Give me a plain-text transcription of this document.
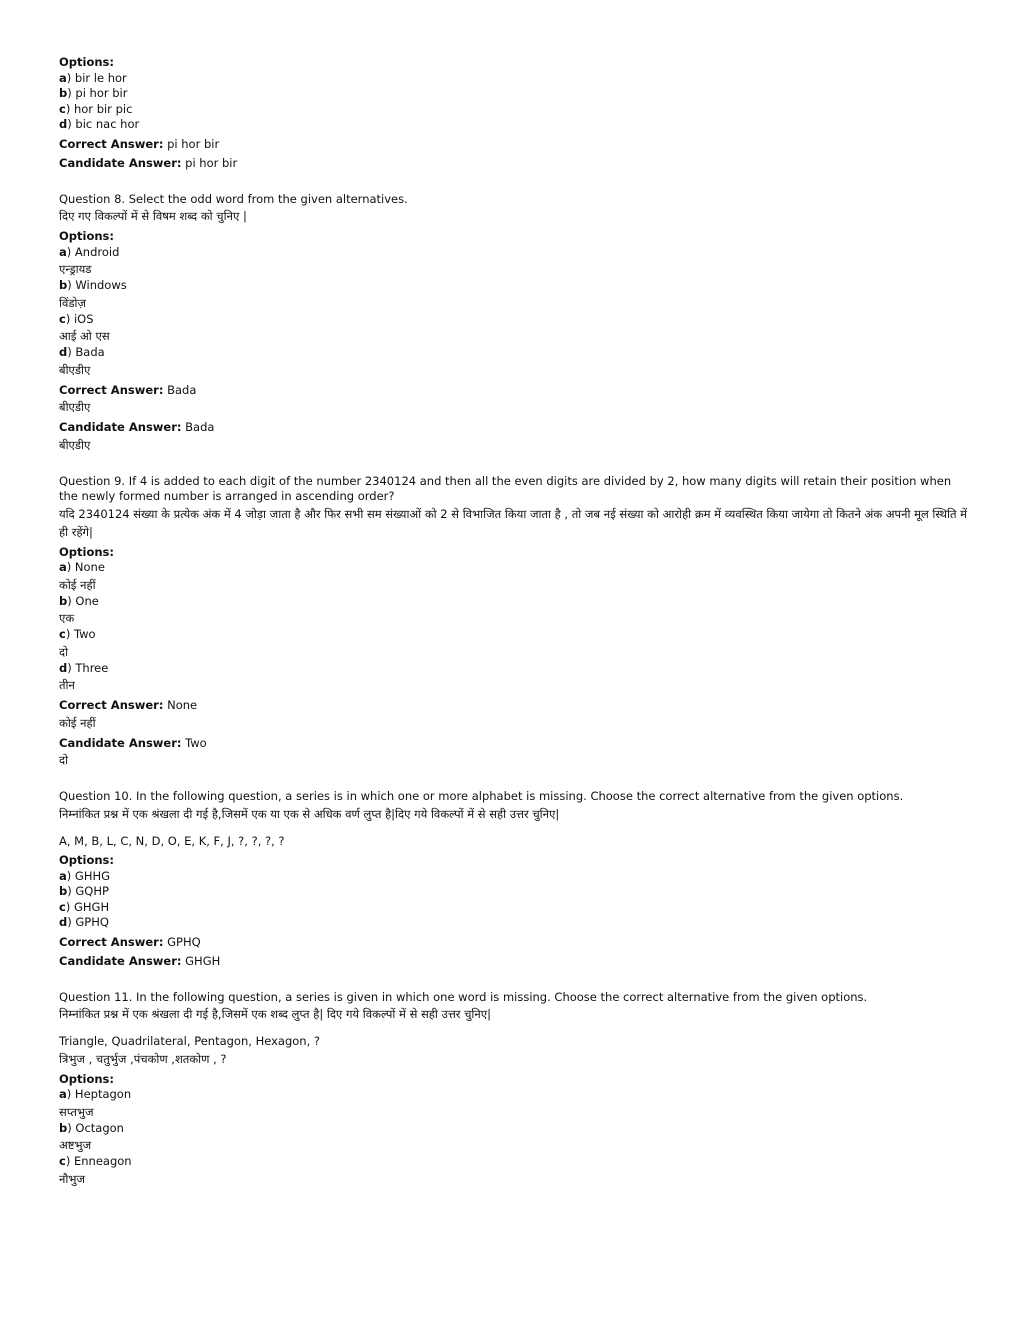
Options:
a) bir le hor
b) pi hor bir
c) hor bir pic
d) bic nac hor
Correct Answer: pi hor bir
Candidate Answer: pi hor bir
Question 8. Select the odd word from the given alternatives.
दिए गए विकल्पों में से विषम शब्द को चुनिए |
Options:
a) Android
एन्ड्रायड
b) Windows
विंडोज़
c) iOS
आई ओ एस
d) Bada
बीएडीए
Correct Answer: Bada
बीएडीए
Candidate Answer: Bada
बीएडीए
Question 9. If 4 is added to each digit of the number 2340124 and then all the even digits are divided by 2, how many digits will retain their position when the newly formed number is arranged in ascending order?
यदि 2340124 संख्या के प्रत्येक अंक में 4 जोड़ा जाता है और फिर सभी सम संख्याओं को 2 से विभाजित किया जाता है , तो जब नई संख्या को आरोही क्रम में व्यवस्थित किया जायेगा तो कितने अंक अपनी मूल स्थिति में ही रहेंगे|
Options:
a) None
कोई नहीं
b) One
एक
c) Two
दो
d) Three
तीन
Correct Answer: None
कोई नहीं
Candidate Answer: Two
दो
Question 10. In the following question, a series is in which one or more alphabet is missing. Choose the correct alternative from the given options.
निम्नांकित प्रश्न में एक श्रंखला दी गई है,जिसमें एक या एक से अधिक वर्ण लुप्त है|दिए गये विकल्पों में से सही उत्तर चुनिए|
A, M, B, L, C, N, D, O, E, K, F, J, ?, ?, ?, ?
Options:
a) GHHG
b) GQHP
c) GHGH
d) GPHQ
Correct Answer: GPHQ
Candidate Answer: GHGH
Question 11. In the following question, a series is given in which one word is missing. Choose the correct alternative from the given options.
निम्नांकित प्रश्न में एक श्रंखला दी गई है,जिसमें एक शब्द लुप्त है| दिए गये विकल्पों में से सही उत्तर चुनिए|
Triangle, Quadrilateral, Pentagon, Hexagon, ?
त्रिभुज , चतुर्भुज ,पंचकोण ,शतकोण , ?
Options:
a) Heptagon
सप्तभुज
b) Octagon
अष्टभुज
c) Enneagon
नौभुज
